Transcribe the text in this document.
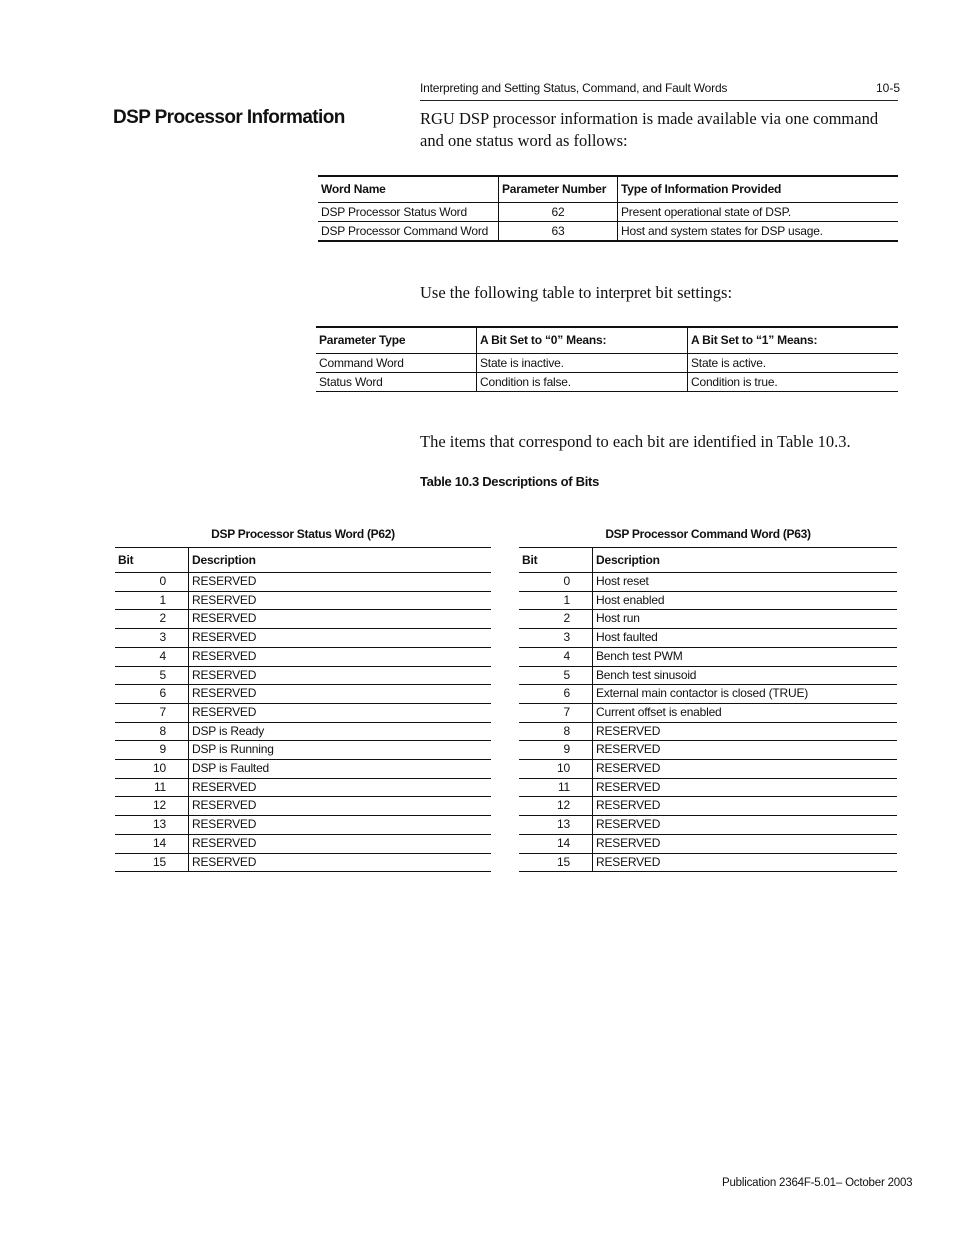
Interpreting and Setting Status, Command, and Fault Words	10-5
DSP Processor Information	RGU DSP processor information is made available via one command and one status word as follows:
Word Name	Parameter Number	Type of Information Provided
DSP Processor Status Word	62	Present operational state of DSP.
DSP Processor Command Word	63	Host and system states for DSP usage.
Use the following table to interpret bit settings:
Parameter Type	A Bit Set to “0” Means:	A Bit Set to “1” Means:
Command Word	State is inactive.	State is active.
Status Word	Condition is false.	Condition is true.
The items that correspond to each bit are identified in Table 10.3.
Table 10.3 Descriptions of Bits
DSP Processor Status Word (P62)	DSP Processor Command Word (P63)
Bit	Description
0	RESERVED
1	RESERVED
2	RESERVED
3	RESERVED
4	RESERVED
5	RESERVED
6	RESERVED
7	RESERVED
8	DSP is Ready
9	DSP is Running
10	DSP is Faulted
11	RESERVED
12	RESERVED
13	RESERVED
14	RESERVED
15	RESERVED
Bit	Description
0	Host reset
1	Host enabled
2	Host run
3	Host faulted
4	Bench test PWM
5	Bench test sinusoid
6	External main contactor is closed (TRUE)
7	Current offset is enabled
8	RESERVED
9	RESERVED
10	RESERVED
11	RESERVED
12	RESERVED
13	RESERVED
14	RESERVED
15	RESERVED
Publication 2364F-5.01– October 2003
